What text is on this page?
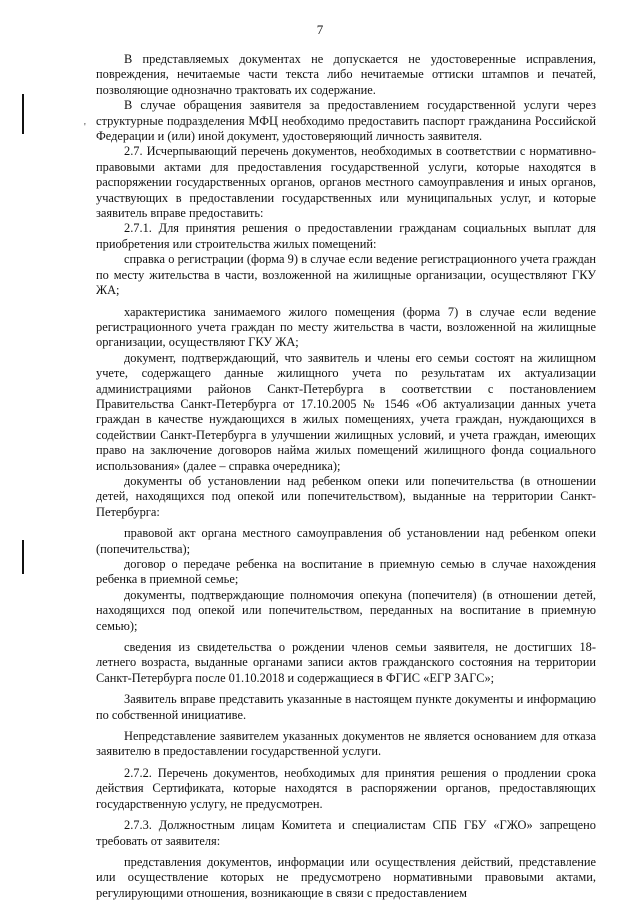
7
'

В представляемых документах не допускается не удостоверенные исправления, повреждения, нечитаемые части текста либо нечитаемые оттиски штампов и печатей, позволяющие однозначно трактовать их содержание.

В случае обращения заявителя за предоставлением государственной услуги через структурные подразделения МФЦ необходимо предоставить паспорт гражданина Российской Федерации и (или) иной документ, удостоверяющий личность заявителя.

2.7. Исчерпывающий перечень документов, необходимых в соответствии с нормативно-правовыми актами для предоставления государственной услуги, которые находятся в распоряжении государственных органов, органов местного самоуправления и иных органов, участвующих в предоставлении государственных или муниципальных услуг, и которые заявитель вправе предоставить:

2.7.1. Для принятия решения о предоставлении гражданам социальных выплат для приобретения или строительства жилых помещений:

справка о регистрации (форма 9) в случае если ведение регистрационного учета граждан по месту жительства в части, возложенной на жилищные организации, осуществляют ГКУ ЖА;

характеристика занимаемого жилого помещения (форма 7) в случае если ведение регистрационного учета граждан по месту жительства в части, возложенной на жилищные организации, осуществляют ГКУ ЖА;

документ, подтверждающий, что заявитель и члены его семьи состоят на жилищном учете, содержащего данные жилищного учета по результатам их актуализации администрациями районов Санкт-Петербурга в соответствии с постановлением Правительства Санкт-Петербурга от 17.10.2005 № 1546 «Об актуализации данных учета граждан в качестве нуждающихся в жилых помещениях, учета граждан, нуждающихся в содействии Санкт-Петербурга в улучшении жилищных условий, и учета граждан, имеющих право на заключение договоров найма жилых помещений жилищного фонда социального использования» (далее – справка очередника);

документы об установлении над ребенком опеки или попечительства (в отношении детей, находящихся под опекой или попечительством), выданные на территории Санкт-Петербурга:

правовой акт органа местного самоуправления об установлении над ребенком опеки (попечительства);

договор о передаче ребенка на воспитание в приемную семью в случае нахождения ребенка в приемной семье;

документы, подтверждающие полномочия опекуна (попечителя) (в отношении детей, находящихся под опекой или попечительством, переданных на воспитание в приемную семью);

сведения из свидетельства о рождении членов семьи заявителя, не достигших 18-летнего возраста, выданные органами записи актов гражданского состояния на территории Санкт-Петербурга после 01.10.2018 и содержащиеся в ФГИС «ЕГР ЗАГС»;

Заявитель вправе представить указанные в настоящем пункте документы и информацию по собственной инициативе.

Непредставление заявителем указанных документов не является основанием для отказа заявителю в предоставлении государственной услуги.

2.7.2. Перечень документов, необходимых для принятия решения о продлении срока действия Сертификата, которые находятся в распоряжении органов, предоставляющих государственную услугу, не предусмотрен.

2.7.3. Должностным лицам Комитета и специалистам СПБ ГБУ «ГЖО» запрещено требовать от заявителя:

представления документов, информации или осуществления действий, представление или осуществление которых не предусмотрено нормативными правовыми актами, регулирующими отношения, возникающие в связи с предоставлением
